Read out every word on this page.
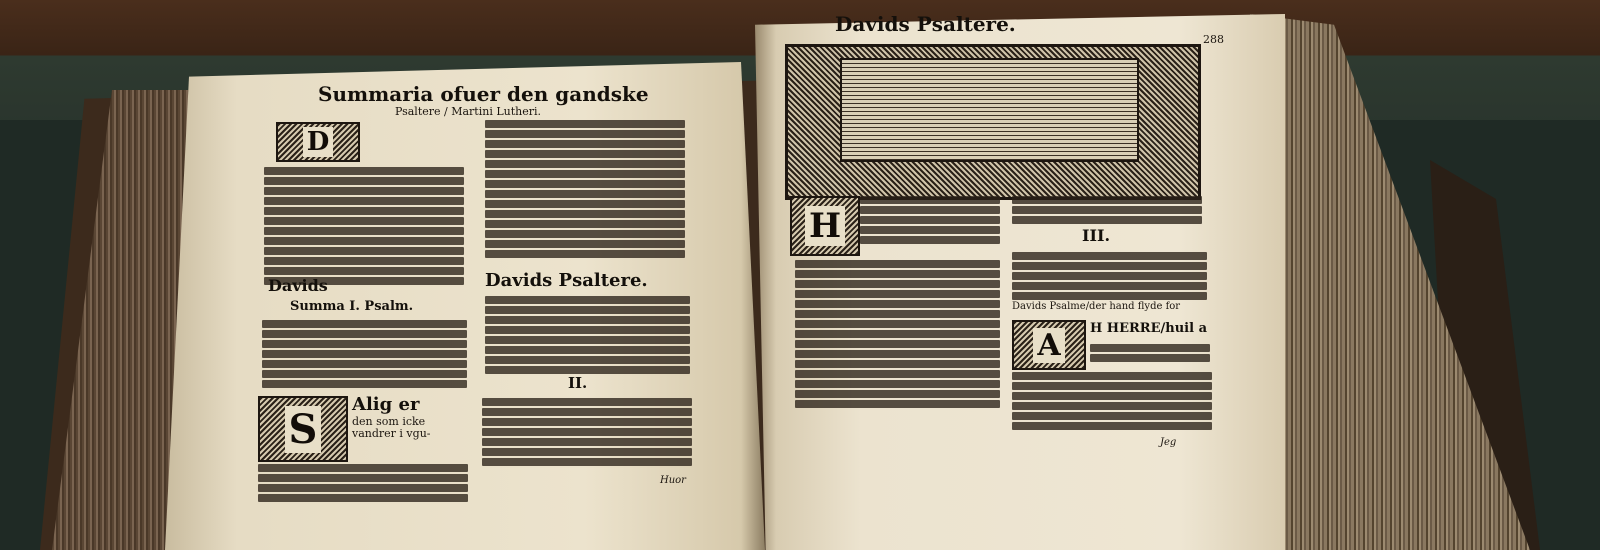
Summaria ofuer den gandske
Psaltere / Martini Lutheri.
D
Davids	Davids Psaltere.
Summa I. Psalm.
II.
S
Alig er
den som icke
vandrer i vgu-
Huor
Davids Psaltere.
288
H	III.
Davids Psalme/der hand flyde for
A	H HERRE/huil a
Jeg
